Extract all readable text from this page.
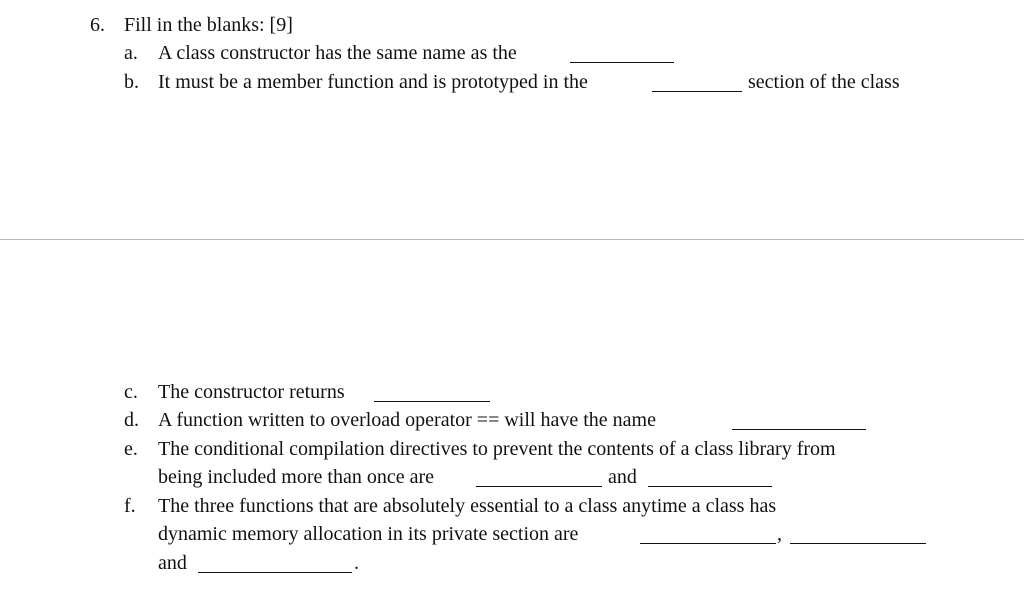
6. Fill in the blanks: [9]
a. A class constructor has the same name as the
b. It must be a member function and is prototyped in the	section of the class
c. The constructor returns
d. A function written to overload operator == will have the name
e. The conditional compilation directives to prevent the contents of a class library from
being included more than once are	and
f. The three functions that are absolutely essential to a class anytime a class has
dynamic memory allocation in its private section are	,
and	.
